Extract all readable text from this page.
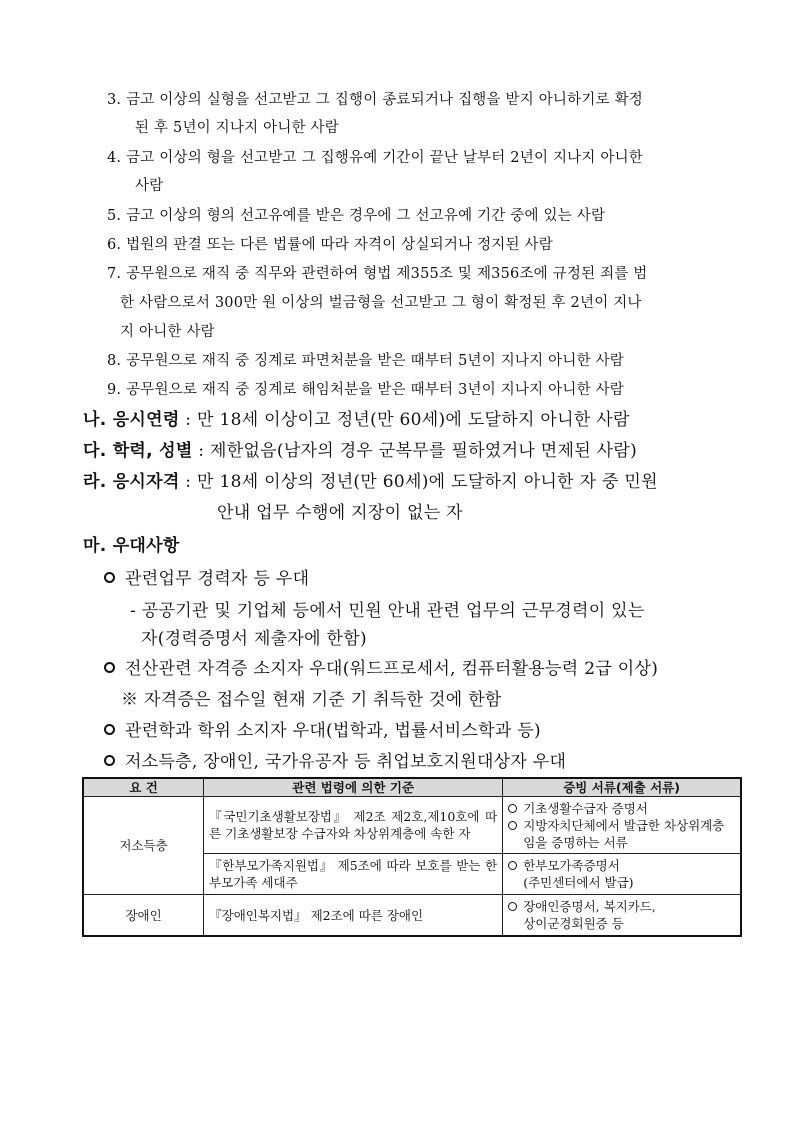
3. 금고 이상의 실형을 선고받고 그 집행이 종료되거나 집행을 받지 아니하기로 확정
된 후 5년이 지나지 아니한 사람
4. 금고 이상의 형을 선고받고 그 집행유예 기간이 끝난 날부터 2년이 지나지 아니한
사람
5. 금고 이상의 형의 선고유예를 받은 경우에 그 선고유예 기간 중에 있는 사람
6. 법원의 판결 또는 다른 법률에 따라 자격이 상실되거나 정지된 사람
7. 공무원으로 재직 중 직무와 관련하여 형법 제355조 및 제356조에 규정된 죄를 범
한 사람으로서 300만 원 이상의 벌금형을 선고받고 그 형이 확정된 후 2년이 지나
지 아니한 사람
8. 공무원으로 재직 중 징계로 파면처분을 받은 때부터 5년이 지나지 아니한 사람
9. 공무원으로 재직 중 징계로 해임처분을 받은 때부터 3년이 지나지 아니한 사람
나. 응시연령 : 만 18세 이상이고 정년(만 60세)에 도달하지 아니한 사람
다. 학력, 성별 : 제한없음(남자의 경우 군복무를 필하였거나 면제된 사람)
라. 응시자격 : 만 18세 이상의 정년(만 60세)에 도달하지 아니한 자 중 민원
안내 업무 수행에 지장이 없는 자
마. 우대사항
관련업무 경력자 등 우대
- 공공기관 및 기업체 등에서 민원 안내 관련 업무의 근무경력이 있는
자(경력증명서 제출자에 한함)
전산관련 자격증 소지자 우대(워드프로세서, 컴퓨터활용능력 2급 이상)
※ 자격증은 접수일 현재 기준 기 취득한 것에 한함
관련학과 학위 소지자 우대(법학과, 법률서비스학과 등)
저소득층, 장애인, 국가유공자 등 취업보호지원대상자 우대
요 건	관련 법령에 의한 기준	증빙 서류(제출 서류)
저소득층	『국민기초생활보장법』 제2조 제2호,제10호에 따른 기초생활보장 수급자와 차상위계층에 속한 자	기초생활수급자 증명서
지방자치단체에서 발급한 차상위계층임을 증명하는 서류

	『한부모가족지원법』 제5조에 따라 보호를 받는 한부모가족 세대주	한부모가족증명서
(주민센터에서 발급)

장애인	『장애인복지법』 제2조에 따른 장애인	장애인증명서, 복지카드,
상이군경회원증 등
